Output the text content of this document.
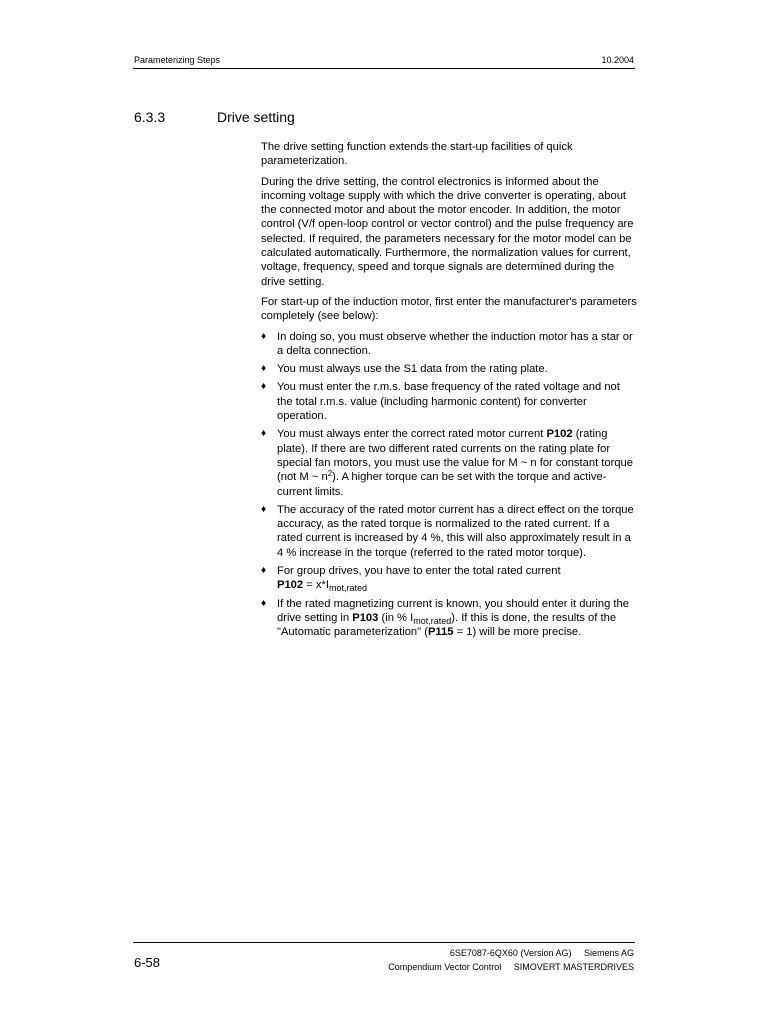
Parameterizing Steps	10.2004
6.3.3	Drive setting

The drive setting function extends the start-up facilities of quick parameterization.

During the drive setting, the control electronics is informed about the incoming voltage supply with which the drive converter is operating, about the connected motor and about the motor encoder. In addition, the motor control (V/f open-loop control or vector control) and the pulse frequency are selected. If required, the parameters necessary for the motor model can be calculated automatically. Furthermore, the normalization values for current, voltage, frequency, speed and torque signals are determined during the drive setting.

For start-up of the induction motor, first enter the manufacturer's parameters completely (see below):

♦ In doing so, you must observe whether the induction motor has a star or a delta connection.
♦ You must always use the S1 data from the rating plate.
♦ You must enter the r.m.s. base frequency of the rated voltage and not the total r.m.s. value (including harmonic content) for converter operation.
♦ You must always enter the correct rated motor current P102 (rating plate). If there are two different rated currents on the rating plate for special fan motors, you must use the value for M ~ n for constant torque (not M ~ $n^2$). A higher torque can be set with the torque and active-current limits.
♦ The accuracy of the rated motor current has a direct effect on the torque accuracy, as the rated torque is normalized to the rated current. If a rated current is increased by 4 %, this will also approximately result in a 4 % increase in the torque (referred to the rated motor torque).
♦ For group drives, you have to enter the total rated current
$P102 = x*I_{mot,rated}$
♦ If the rated magnetizing current is known, you should enter it during the drive setting in P103 (in % $I_{mot,rated}$). If this is done, the results of the "Automatic parameterization" (P115 = 1) will be more precise.
6-58
6SE7087-6QX60 (Version AG)     Siemens AG
Compendium Vector Control     SIMOVERT MASTERDRIVES
